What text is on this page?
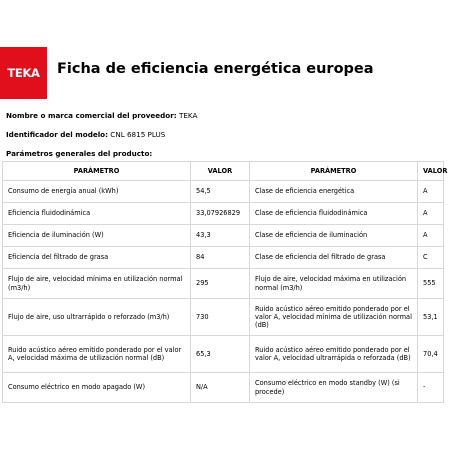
TEKA Ficha de eficiencia energética europea
Nombre o marca comercial del proveedor: TEKA
Identificador del modelo: CNL 6815 PLUS
Parámetros generales del producto:
PARÁMETRO	VALOR	PARÁMETRO	VALOR
Consumo de energía anual (kWh)	54,5	Clase de eficiencia energética	A
Eficiencia fluidodinámica	33,07926829	Clase de eficiencia fluidodinámica	A
Eficiencia de iluminación (W)	43,3	Clase de eficiencia de iluminación	A
Eficiencia del filtrado de grasa	84	Clase de eficiencia del filtrado de grasa	C
Flujo de aire, velocidad mínima en utilización normal (m3/h)	295	Flujo de aire, velocidad máxima en utilización normal (m3/h)	555
Flujo de aire, uso ultrarrápido o reforzado (m3/h)	730	Ruido acústico aéreo emitido ponderado por el valor A, velocidad mínima de utilización normal (dB)	53,1
Ruido acústico aéreo emitido ponderado por el valor A, velocidad máxima de utilización normal (dB)	65,3	Ruido acústico aéreo emitido ponderado por el valor A, velocidad ultrarrápida o reforzada (dB)	70,4
Consumo eléctrico en modo apagado (W)	N/A	Consumo eléctrico en modo standby (W) (si procede)	-
